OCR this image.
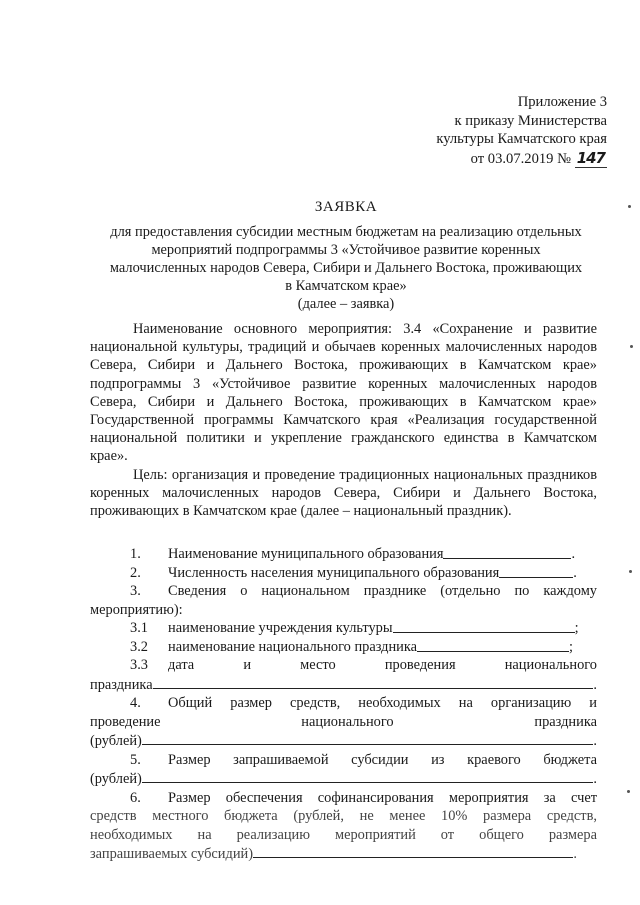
Приложение 3
к приказу Министерства
культуры Камчатского края
от 03.07.2019 № 147
ЗАЯВКА
для предоставления субсидии местным бюджетам на реализацию отдельных
мероприятий подпрограммы 3 «Устойчивое развитие коренных
малочисленных народов Севера, Сибири и Дальнего Востока, проживающих
в Камчатском крае»
(далее – заявка)

Наименование основного мероприятия: 3.4 «Сохранение и развитие национальной культуры, традиций и обычаев коренных малочисленных народов Севера, Сибири и Дальнего Востока, проживающих в Камчатском крае» подпрограммы 3 «Устойчивое развитие коренных малочисленных народов Севера, Сибири и Дальнего Востока, проживающих в Камчатском крае» Государственной программы Камчатского края «Реализация государственной национальной политики и укрепление гражданского единства в Камчатском крае».

Цель: организация и проведение традиционных национальных праздников коренных малочисленных народов Севера, Сибири и Дальнего Востока, проживающих в Камчатском крае (далее – национальный праздник).

1.	Наименование муниципального образования	.
2.	Численность населения муниципального образования	.
3.	Сведения о национальном празднике (отдельно по каждому
мероприятию):
3.1	наименование учреждения культуры	;
3.2	наименование национального праздника	;
3.3	дата и место проведения национального
праздника	.
4.	Общий размер средств, необходимых на организацию и
проведение национального праздника
(рублей)	.
5.	Размер запрашиваемой субсидии из краевого бюджета
(рублей)	.
6.	Размер обеспечения софинансирования мероприятия за счет
средств местного бюджета (рублей, не менее 10% размера средств,
необходимых на реализацию мероприятий от общего размера
запрашиваемых субсидий)	.
